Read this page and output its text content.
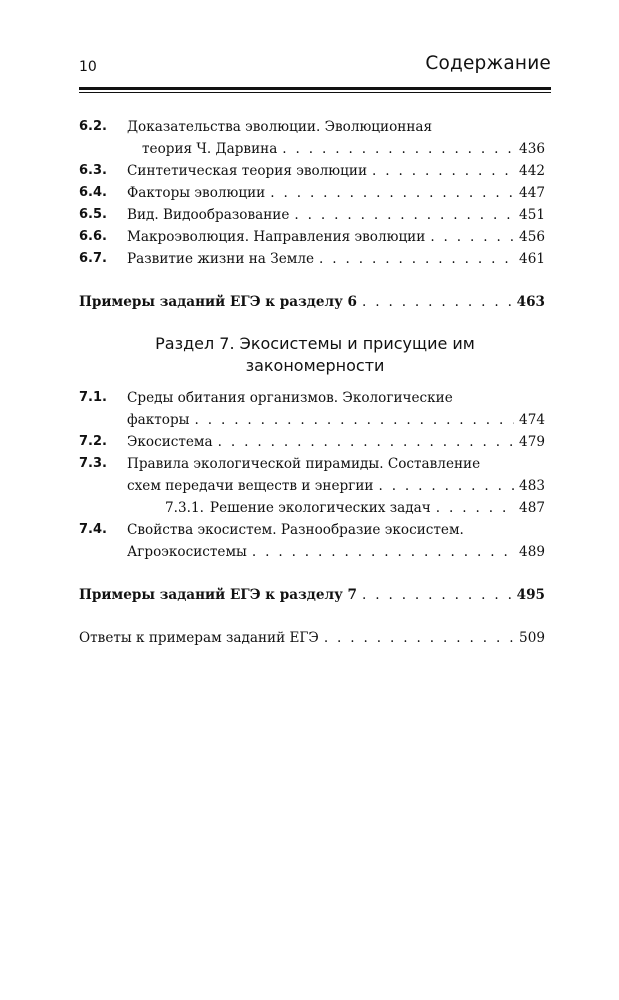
10	Содержание
6.2. Доказательства эволюции. Эволюционная
теория Ч. Дарвина . . .	436
6.3. Синтетическая теория эволюции . . .	442
6.4. Факторы эволюции . . .	447
6.5. Вид. Видообразование . . .	451
6.6. Макроэволюция. Направления эволюции . . .	456
6.7. Развитие жизни на Земле . . .	461
Примеры заданий ЕГЭ к разделу 6 . . .	463
Раздел 7. Экосистемы и присущие им
закономерности
7.1. Среды обитания организмов. Экологические
факторы . . .	474
7.2. Экосистема . . .	479
7.3. Правила экологической пирамиды. Составление
схем передачи веществ и энергии . . .	483
7.3.1. Решение экологических задач . . .	487
7.4. Свойства экосистем. Разнообразие экосистем.
Агроэкосистемы . . .	489
Примеры заданий ЕГЭ к разделу 7 . . .	495
Ответы к примерам заданий ЕГЭ . . .	509
